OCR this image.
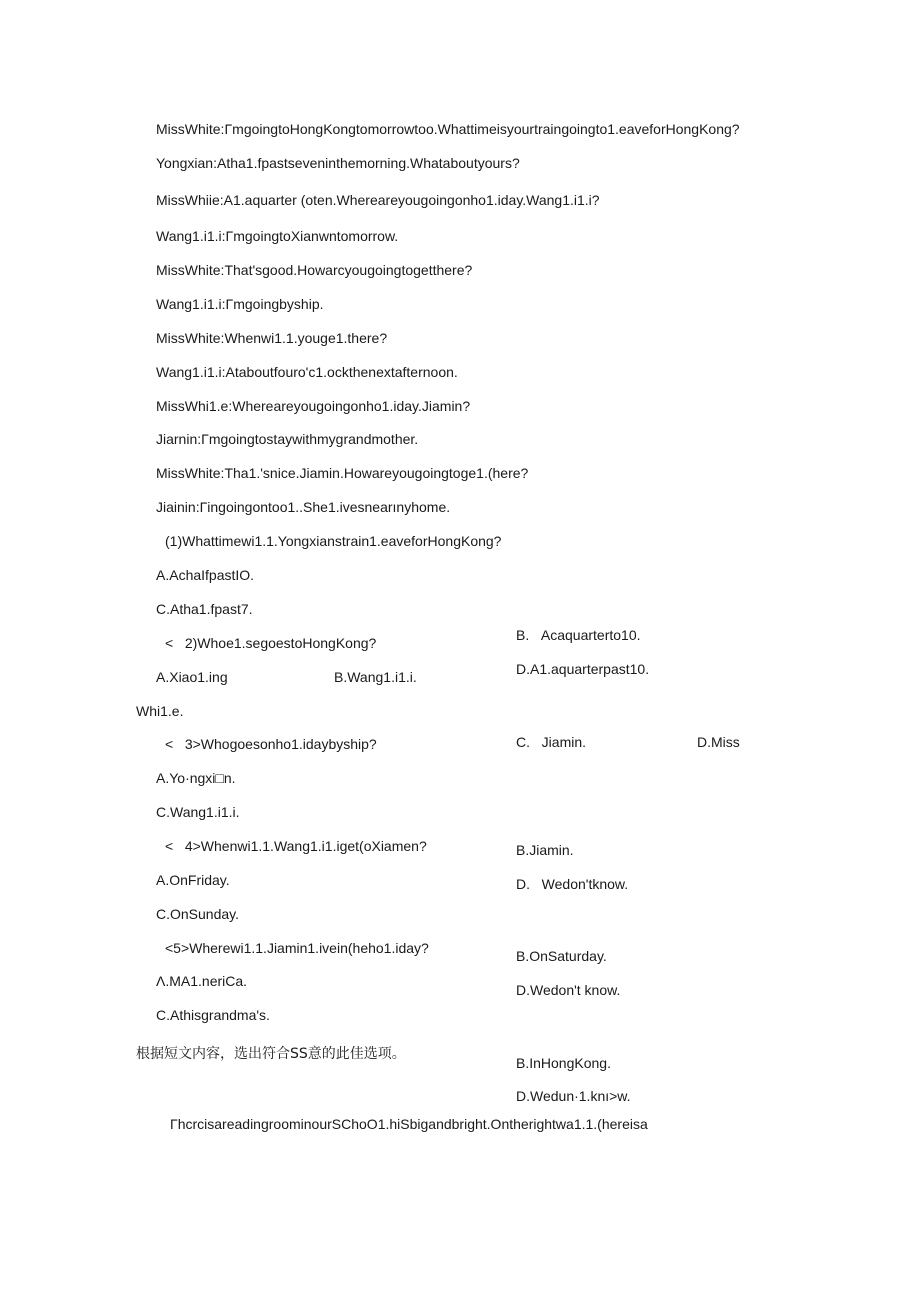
MissWhite:ΓmgoingtoHongKongtomorrowtoo.Whattimeisyourtraingoingto1.eaveforHongKong?
Yongxian:Atha1.fpastseveninthemorning.Whataboutyours?
MissWhiie:A1.aquarter (oten.Whereareyougoingonho1.iday.Wang1.i1.i?
Wang1.i1.i:ΓmgoingtoXianwntomorrow.
MissWhite:That'sgood.Howarcyougoingtogetthere?
Wang1.i1.i:Γmgoingbyship.
MissWhite:Whenwi1.1.youge1.there?
Wang1.i1.i:Ataboutfouro'c1.ockthenextafternoon.
MissWhi1.e:Whereareyougoingonho1.iday.Jiamin?
Jiarnin:Γmgoingtostaywithmygrandmother.
MissWhite:Tha1.'snice.Jiamin.Howareyougoingtoge1.(here?
Jiainin:Γingoingontoo1..She1.ivesnearınyhome.
(1)Whattimewi1.1.Yongxianstrain1.eaveforHongKong?
A.AchaIfpastIO.
C.Atha1.fpast7.
B.   Acaquarterto10.
D.A1.aquarterpast10.
<   2)Whoe1.segoestoHongKong?
A.Xiao1.ing	B.Wang1.i1.i.
C.   Jiamin.	D.Miss
Whi1.e.
<   3>Whogoesonho1.idaybyship?
A.Yo·ngxi□n.
C.Wang1.i1.i.
B.Jiamin.
D.   Wedon'tknow.
<   4>Whenwi1.1.Wang1.i1.iget(oXiamen?
A.OnFriday.
C.OnSunday.
B.OnSaturday.
D.Wedon't know.
<5>Wherewi1.1.Jiamin1.ivein(heho1.iday?
Λ.MA1.neriCa.
C.Athisgrandma's.
B.InHongKong.
D.Wedun·1.knı>w.
根据短文内容，选出符合SS意的此佳选项。
ΓhcrcisareadingroominourSChoO1.hiSbigandbright.Ontherightwa1.1.(hereisa
